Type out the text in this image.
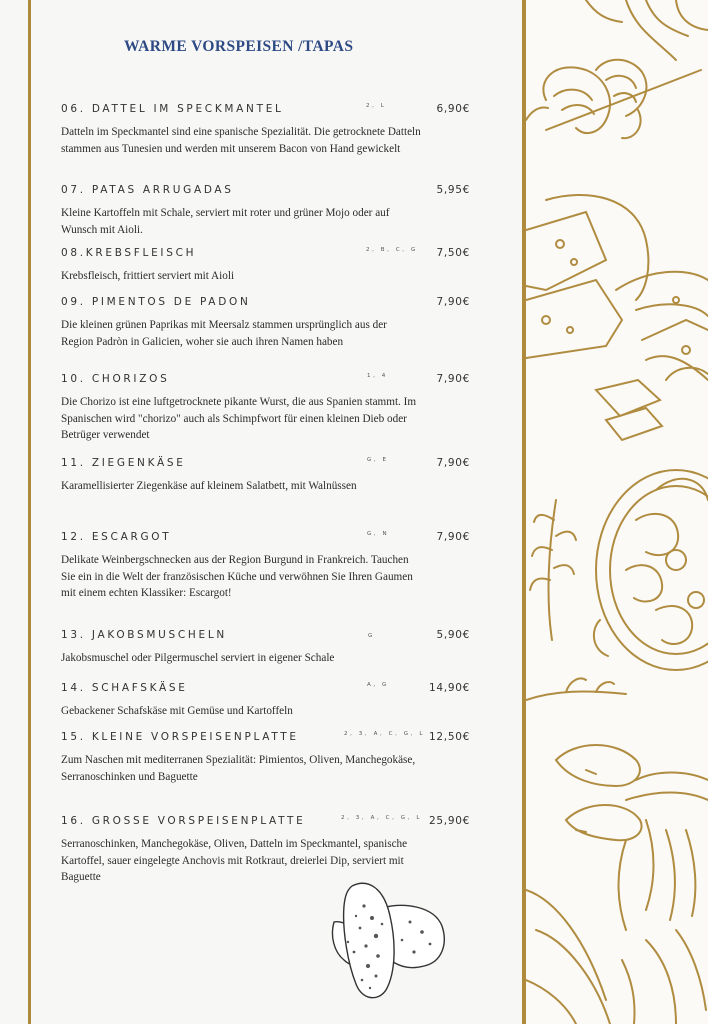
WARME VORSPEISEN /TAPAS
06. DATTEL IM SPECKMANTEL	2, L	6,90€
Datteln im Speckmantel sind eine spanische Spezialität. Die getrocknete Datteln stammen aus Tunesien und werden mit unserem Bacon von Hand gewickelt
07. PATAS ARRUGADAS	5,95€
Kleine Kartoffeln mit Schale, serviert mit roter und grüner Mojo oder auf Wunsch mit Aioli.
08.KREBSFLEISCH	2, B, C, G 7,50€
Krebsfleisch, frittiert serviert mit Aioli
09. PIMENTOS DE PADON	7,90€
Die kleinen grünen Paprikas mit Meersalz stammen ursprünglich aus der Region Padròn in Galicien, woher sie auch ihren Namen haben
10. CHORIZOS	1, 4	7,90€
Die Chorizo ist eine luftgetrocknete pikante Wurst, die aus Spanien stammt. Im Spanischen wird "chorizo" auch als Schimpfwort für einen kleinen Dieb oder Betrüger verwendet
11. ZIEGENKÄSE	G, E	7,90€
Karamellisierter Ziegenkäse auf kleinem Salatbett, mit Walnüssen
12. ESCARGOT	G, N	7,90€
Delikate Weinbergschnecken aus der Region Burgund in Frankreich. Tauchen Sie ein in die Welt der französischen Küche und verwöhnen Sie Ihren Gaumen mit einem echten Klassiker: Escargot!
13. JAKOBSMUSCHELN	G	5,90€
Jakobsmuschel oder Pilgermuschel serviert in eigener Schale
14. SCHAFSKÄSE	A, G	14,90€
Gebackener Schafskäse mit Gemüse und Kartoffeln
15. KLEINE VORSPEISENPLATTE	2, 3, A, C, G, L 12,50€
Zum Naschen mit mediterranen Spezialität: Pimientos, Oliven, Manchegokäse, Serranoschinken und Baguette
16. GROSSE VORSPEISENPLATTE	2, 3, A, C, G, L 25,90€
Serranoschinken, Manchegokäse, Oliven, Datteln im Speckmantel, spanische Kartoffel, sauer eingelegte Anchovis mit Rotkraut, dreierlei Dip, serviert mit Baguette
